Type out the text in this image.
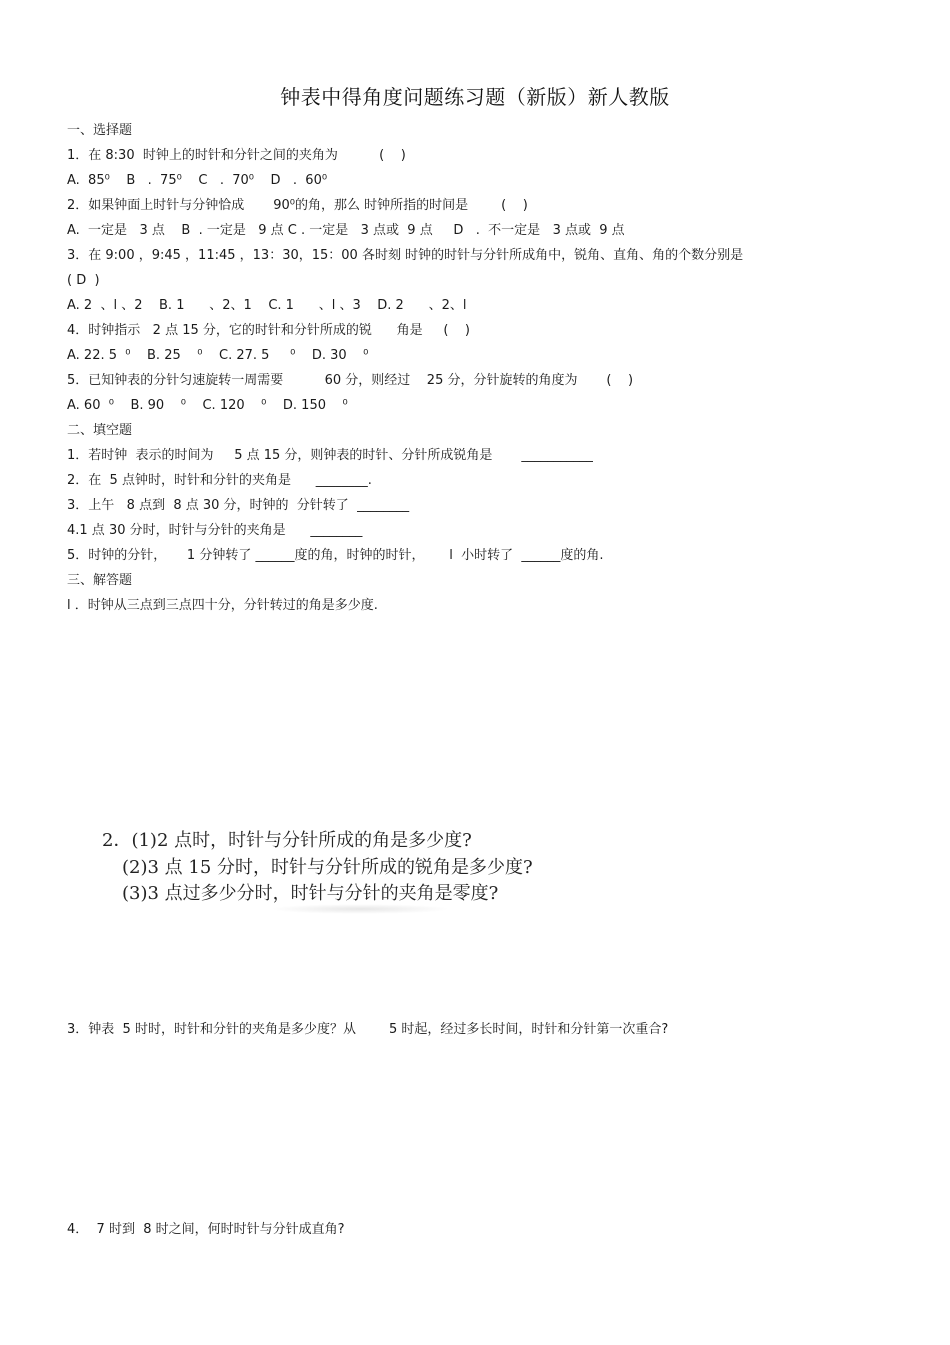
钟表中得角度问题练习题（新版）新人教版
一、选择题
1．在 8:30  时钟上的时针和分针之间的夹角为          (    )
A.  85⁰    B   .  75⁰    C   .  70⁰    D   .  60⁰
2．如果钟面上时针与分钟恰成       90⁰的角，那么 时钟所指的时间是        (    )
A.  一定是   3 点    B  . 一定是   9 点 C . 一定是   3 点或  9 点     D   .  不一定是   3 点或  9 点
3．在 9:00 ，9:45 ，11:45 ，13：30，15：00 各时刻 时钟的时针与分针所成角中，锐角、直角、角的个数分别是
( D  )
A. 2  、l 、2    B. 1      、2、1    C. 1      、l 、3    D. 2      、2、l
4．时钟指示   2 点 15 分，它的时针和分针所成的锐      角是     (    )
A. 22. 5  ⁰    B. 25    ⁰    C. 27. 5     ⁰    D. 30    ⁰
5．已知钟表的分针匀速旋转一周需要          60 分，则经过    25 分，分针旋转的角度为       (    )
A. 60  ⁰    B. 90    ⁰    C. 120    ⁰    D. 150    ⁰
二、填空题
1．若时钟  表示的时间为     5 点 15 分，则钟表的时针、分针所成锐角是       ___________
2．在  5 点钟时，时针和分针的夹角是      ________.
3．上午   8 点到  8 点 30 分，时钟的  分针转了  ________
4.1 点 30 分时，时针与分针的夹角是      ________
5．时钟的分针，     1 分钟转了 ______度的角，时钟的时针，      l  小时转了  ______度的角.
三、解答题
l ．时钟从三点到三点四十分，分针转过的角是多少度.
2．(1)2 点时，时针与分针所成的角是多少度?
(2)3 点 15 分时，时针与分针所成的锐角是多少度?
(3)3 点过多少分时，时针与分针的夹角是零度?
3．钟表  5 时时，时针和分针的夹角是多少度？从        5 时起，经过多长时间，时针和分针第一次重合?
4．  7 时到  8 时之间，何时时针与分针成直角?
